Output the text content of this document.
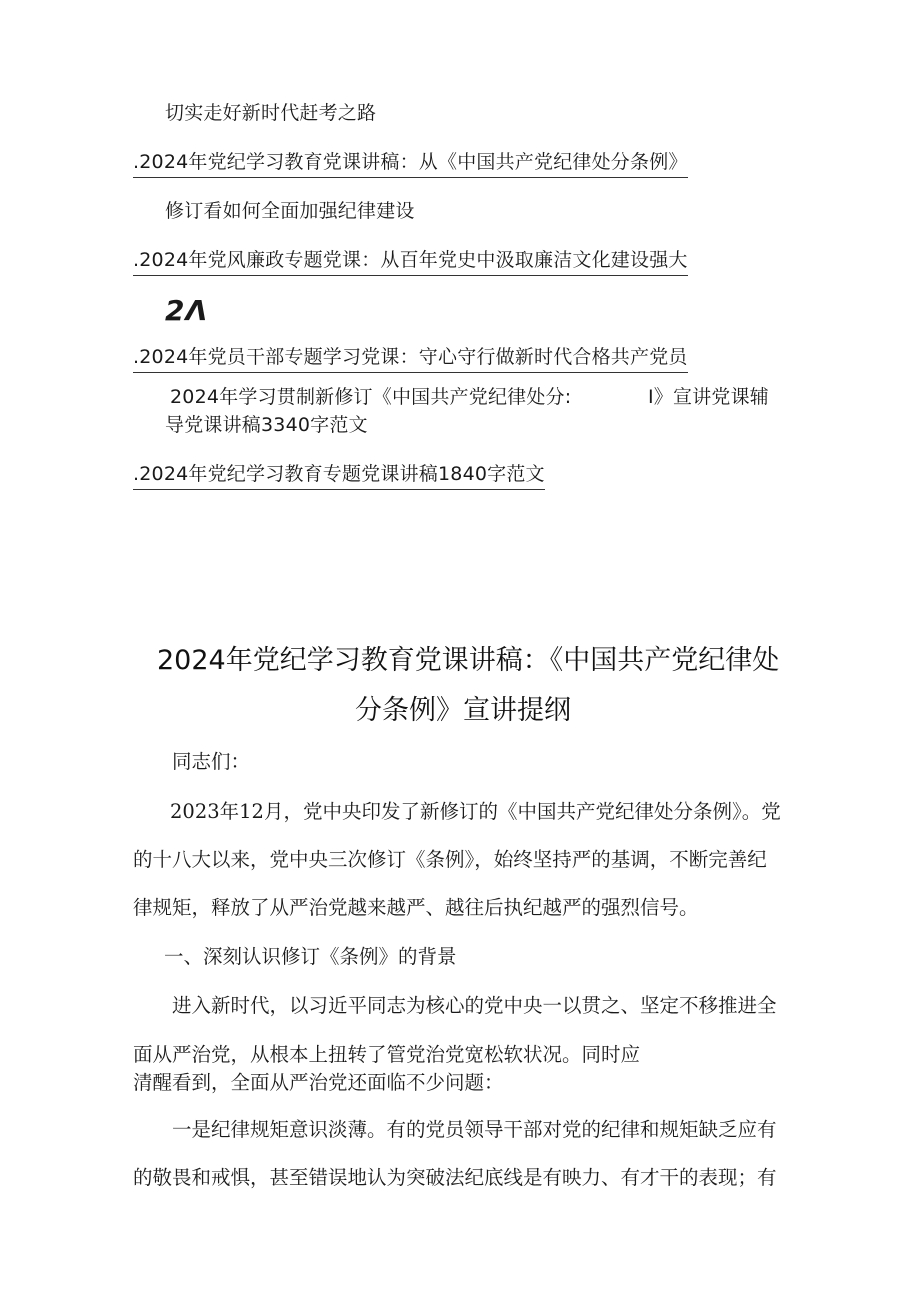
切实走好新时代赶考之路
.2024年党纪学习教育党课讲稿：从《中国共产党纪律处分条例》
修订看如何全面加强纪律建设
.2024年党风廉政专题党课：从百年党史中汲取廉洁文化建设强大
2Λ
.2024年党员干部专题学习党课：守心守行做新时代合格共产党员
2024年学习贯制新修订《中国共产党纪律处分:	I》宣讲党课辅
导党课讲稿3340字范文
.2024年党纪学习教育专题党课讲稿1840字范文
2024年党纪学习教育党课讲稿：《中国共产党纪律处
分条例》宣讲提纲
同志们：
2023年12月，党中央印发了新修订的《中国共产党纪律处分条例》。党
的十八大以来，党中央三次修订《条例》，始终坚持严的基调，不断完善纪
律规矩，释放了从严治党越来越严、越往后执纪越严的强烈信号。
一、深刻认识修订《条例》的背景
进入新时代，以习近平同志为核心的党中央一以贯之、坚定不移推进全
面从严治党，从根本上扭转了管党治党宽松软状况。同时应
清醒看到，全面从严治党还面临不少问题：
一是纪律规矩意识淡薄。有的党员领导干部对党的纪律和规矩缺乏应有
的敬畏和戒惧，甚至错误地认为突破法纪底线是有映力、有才干的表现；有
